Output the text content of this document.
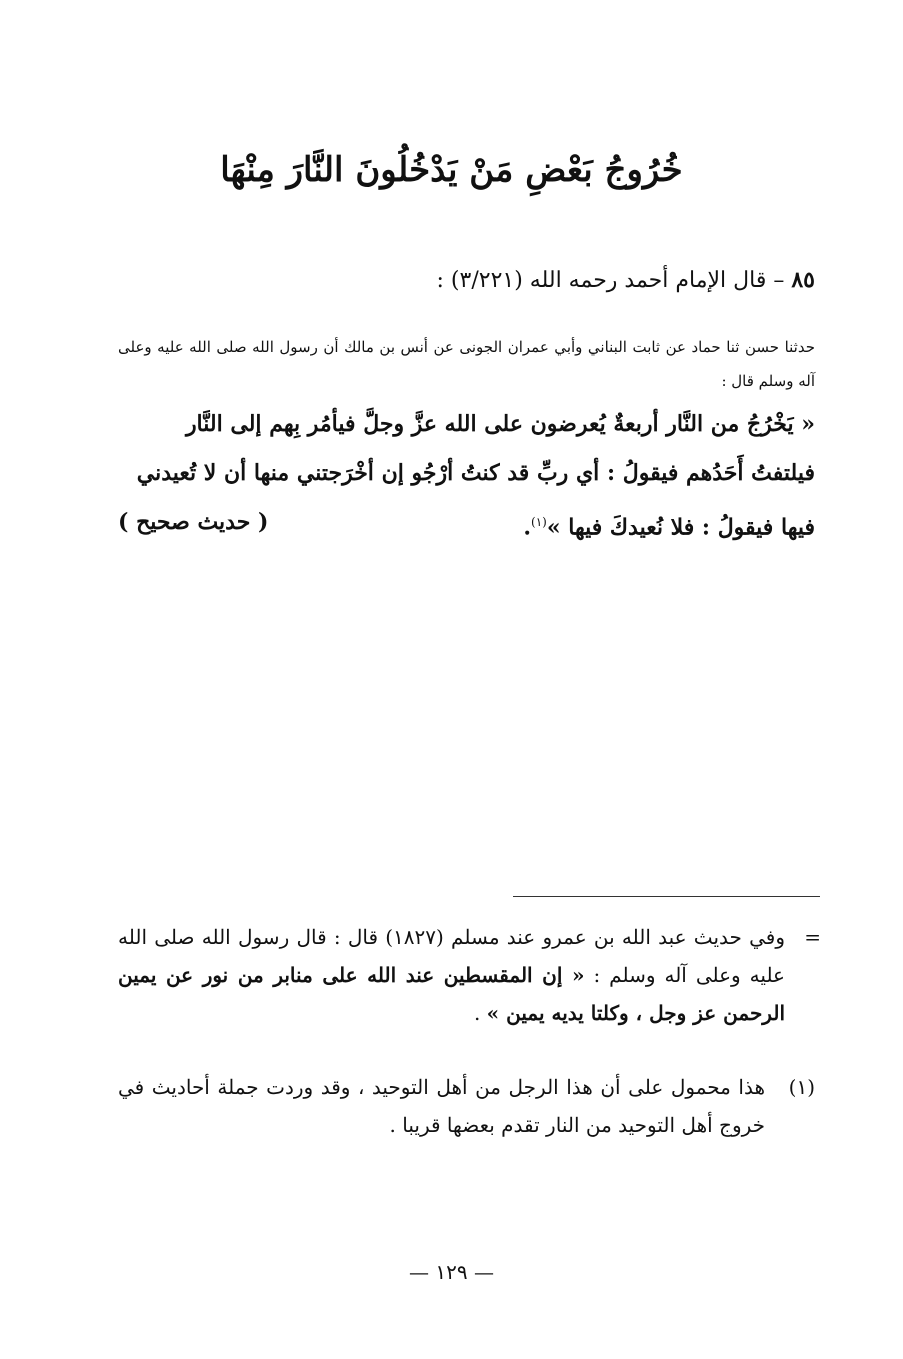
خُرُوجُ بَعْضِ مَنْ يَدْخُلُونَ النَّارَ مِنْهَا
٨٥ – قال الإمام أحمد رحمه الله (٣/٢٢١) :
حدثنا حسن ثنا حماد عن ثابت البناني وأبي عمران الجونى عن أنس بن مالك أن رسول الله صلى الله عليه وعلى آله وسلم قال :
« يَخْرُجُ من النَّار أربعةٌ يُعرضون على الله عزَّ وجلَّ فيأمُر بِهم إلى النَّار
فيلتفتُ أَحَدُهم فيقولُ : أي ربِّ قد كنتُ أرْجُو إن أخْرَجتني منها أن لا تُعيدني
فيها فيقولُ : فلا نُعيدكَ فيها »$^{(١)}$.
( حديث صحيح )
=
وفي حديث عبد الله بن عمرو عند مسلم (١٨٢٧) قال : قال رسول الله صلى الله عليه وعلى آله وسلم : « إن المقسطين عند الله على منابر من نور عن يمين الرحمن عز وجل ، وكلتا يديه يمين » .
(١)
هذا محمول على أن هذا الرجل من أهل التوحيد ، وقد وردت جملة أحاديث في خروج أهل التوحيد من النار تقدم بعضها قريبا .
— ١٢٩ —
